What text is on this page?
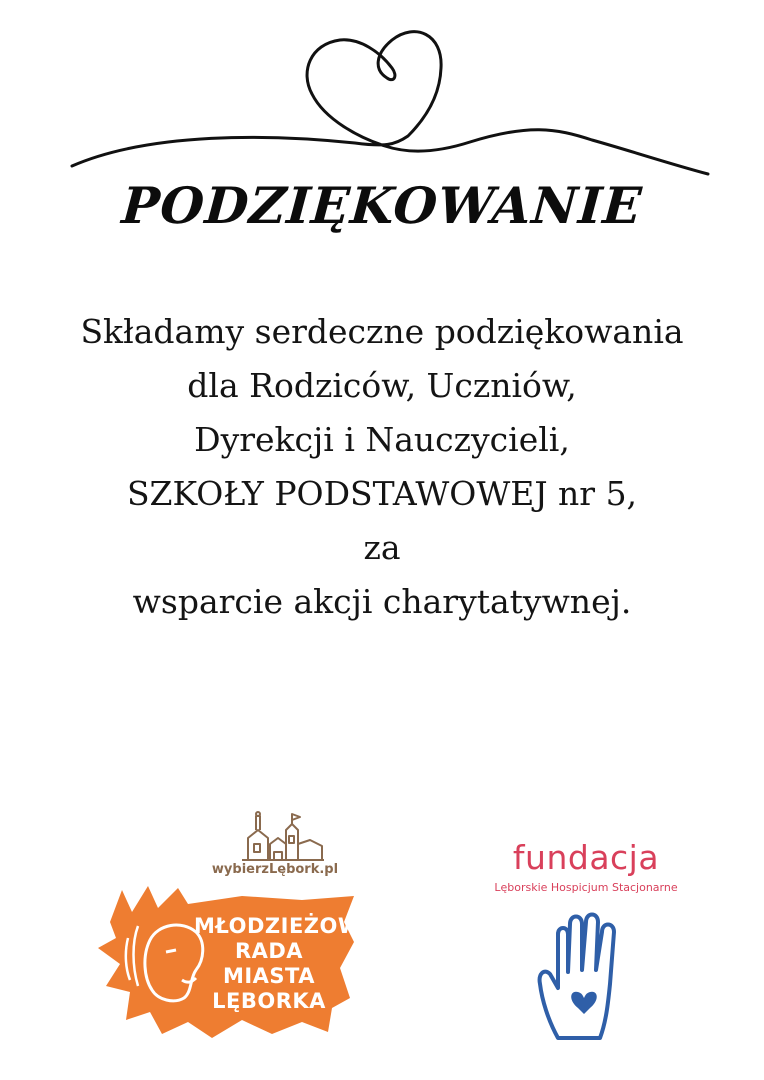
PODZIĘKOWANIE
Składamy serdeczne podziękowania
dla Rodziców, Uczniów,
Dyrekcji i Nauczycieli,
SZKOŁY PODSTAWOWEJ nr 5,
za
wsparcie akcji charytatywnej.
wybierzLębork.pl
MŁODZIEŻOWA
RADA MIASTA
LĘBORKA
fundacja
Lęborskie Hospicjum Stacjonarne
